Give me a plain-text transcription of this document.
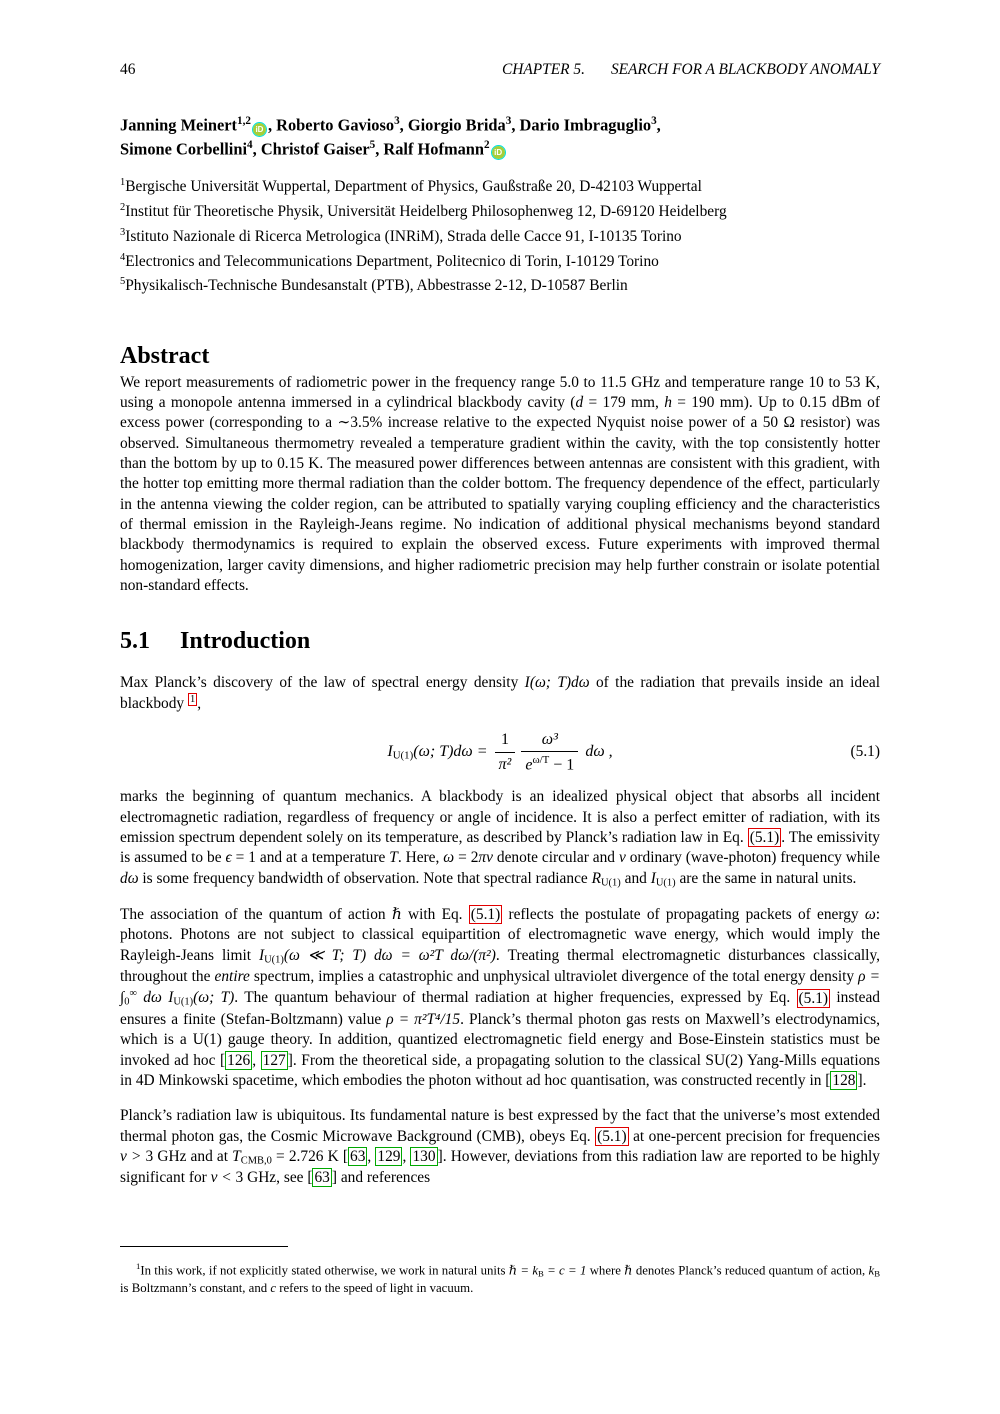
46	CHAPTER 5. SEARCH FOR A BLACKBODY ANOMALY
Janning Meinert$^{1,2}$iD , Roberto Gavioso$^3$, Giorgio Brida$^3$, Dario Imbraguglio$^3$,
Simone Corbellini$^4$, Christof Gaiser$^5$, Ralf Hofmann$^2$iD
$^1$Bergische Universität Wuppertal, Department of Physics, Gaußstraße 20, D-42103 Wuppertal
$^2$Institut für Theoretische Physik, Universität Heidelberg Philosophenweg 12, D-69120 Heidelberg
$^3$Istituto Nazionale di Ricerca Metrologica (INRiM), Strada delle Cacce 91, I-10135 Torino
$^4$Electronics and Telecommunications Department, Politecnico di Torin, I-10129 Torino
$^5$Physikalisch-Technische Bundesanstalt (PTB), Abbestrasse 2-12, D-10587 Berlin
Abstract

We report measurements of radiometric power in the frequency range 5.0 to 11.5 GHz and temperature range 10 to 53 K, using a monopole antenna immersed in a cylindrical blackbody cavity (d = 179 mm, h = 190 mm). Up to 0.15 dBm of excess power (corresponding to a ∼3.5% increase relative to the expected Nyquist noise power of a 50 Ω resistor) was observed. Simultaneous thermometry revealed a temperature gradient within the cavity, with the top consistently hotter than the bottom by up to 0.15 K. The measured power differences between antennas are consistent with this gradient, with the hotter top emitting more thermal radiation than the colder bottom. The frequency dependence of the effect, particularly in the antenna viewing the colder region, can be attributed to spatially varying coupling efficiency and the characteristics of thermal emission in the Rayleigh-Jeans regime. No indication of additional physical mechanisms beyond standard blackbody thermodynamics is required to explain the observed excess. Future experiments with improved thermal homogenization, larger cavity dimensions, and higher radiometric precision may help further constrain or isolate potential non-standard effects.

5.1 Introduction

Max Planck’s discovery of the law of spectral energy density I(ω; T)dω of the radiation that prevails inside an ideal blackbody $^1$ ,

IU(1)(ω; $T)d\omega = \frac{1}{\text{π²}} \frac{\text{ω³}}{e^{\omega/T} - 1}$ dω ,	(5.1)

marks the beginning of quantum mechanics. A blackbody is an idealized physical object that absorbs all incident electromagnetic radiation, regardless of frequency or angle of incidence. It is also a perfect emitter of radiation, with its emission spectrum dependent solely on its temperature, as described by Planck’s radiation law in Eq. (5.1) . The emissivity is assumed to be ϵ = 1 and at a temperature T. Here, ω = 2πν denote circular and ν ordinary (wave-photon) frequency while dω is some frequency bandwidth of observation. Note that spectral radiance RU(1) and IU(1) are the same in natural units.

The association of the quantum of action ℏ with Eq. (5.1) reflects the postulate of propagating packets of energy ω: photons. Photons are not subject to classical equipartition of electromagnetic wave energy, which would imply the Rayleigh-Jeans limit IU(1)(ω ≪ T; T) dω = ω²T dω/(π²). Treating thermal electromagnetic disturbances classically, throughout the entire spectrum, implies a catastrophic and unphysical ultraviolet divergence of the total energy density ρ = ∫0∞ dω IU(1)(ω; T). The quantum behaviour of thermal radiation at higher frequencies, expressed by Eq. (5.1) instead ensures a finite (Stefan-Boltzmann) value ρ = π²T⁴/15. Planck’s thermal photon gas rests on Maxwell’s electrodynamics, which is a U(1) gauge theory. In addition, quantized electromagnetic field energy and Bose-Einstein statistics must be invoked ad hoc [ 126 , 127 ]. From the theoretical side, a propagating solution to the classical SU(2) Yang-Mills equations in 4D Minkowski spacetime, which embodies the photon without ad hoc quantisation, was constructed recently in [ 128 ].

Planck’s radiation law is ubiquitous. Its fundamental nature is best expressed by the fact that the universe’s most extended thermal photon gas, the Cosmic Microwave Background (CMB), obeys Eq. (5.1) at one-percent precision for frequencies ν > 3 GHz and at TCMB,0 = 2.726 K [ 63 , 129 , 130 ]. However, deviations from this radiation law are reported to be highly significant for ν < 3 GHz, see [ 63 ] and references

$^1$In this work, if not explicitly stated otherwise, we work in natural units ℏ = kB = c = 1 where ℏ denotes Planck’s reduced quantum of action, kB is Boltzmann’s constant, and c refers to the speed of light in vacuum.
